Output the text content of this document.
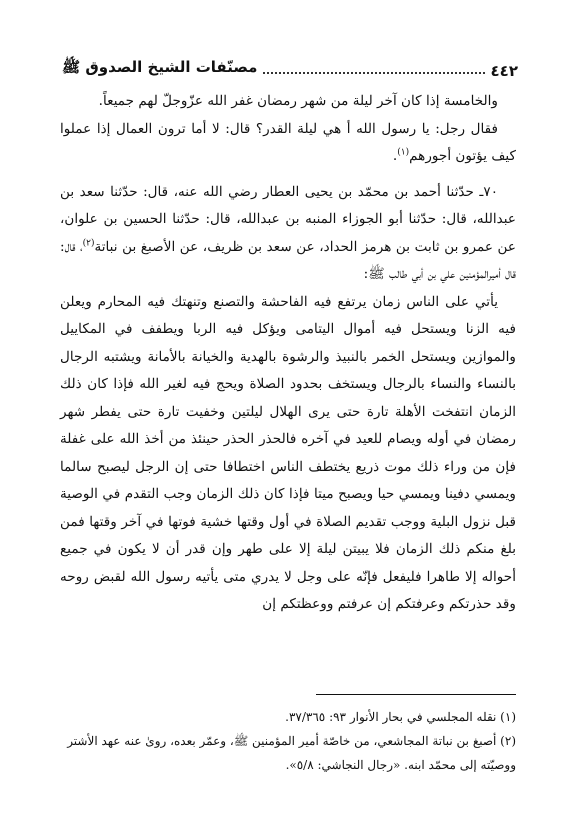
٤٤٢
مصنّفات الشيخ الصدوق ﷺ

والخامسة إذا كان آخر ليلة من شهر رمضان غفر الله عزّوجلّ لهم جميعاً.

فقال رجل: يا رسول الله أ هي ليلة القدر؟ قال: لا أما ترون العمال إذا عملوا كيف يؤتون أجورهم$^{(١)}$.

٧٠ـ حدّثنا أحمد بن محمّد بن يحيى العطار رضي الله عنه، قال: حدّثنا سعد بن عبدالله، قال: حدّثنا أبو الجوزاء المنبه بن عبدالله، قال: حدّثنا الحسين بن علوان، عن عمرو بن ثابت بن هرمز الحداد، عن سعد بن ظريف، عن الأصبغ بن نباتة$^{(٢)}$، قال: قال أميرالمؤمنين علي بن أبي طالب ﷺ:

يأتي على الناس زمان يرتفع فيه الفاحشة والتصنع وتنهتك فيه المحارم ويعلن فيه الزنا ويستحل فيه أموال اليتامى ويؤكل فيه الربا ويطفف في المكاييل والموازين ويستحل الخمر بالنبيذ والرشوة بالهدية والخيانة بالأمانة ويشتبه الرجال بالنساء والنساء بالرجال ويستخف بحدود الصلاة ويحج فيه لغير الله فإذا كان ذلك الزمان انتفخت الأهلة تارة حتى يرى الهلال ليلتين وخفيت تارة حتى يفطر شهر رمضان في أوله ويصام للعيد في آخره فالحذر الحذر حينئذ من أخذ الله على غفلة فإن من وراء ذلك موت ذريع يختطف الناس اختطافا حتى إن الرجل ليصبح سالما ويمسي دفينا ويمسي حيا ويصبح ميتا فإذا كان ذلك الزمان وجب التقدم في الوصية قبل نزول البلية ووجب تقديم الصلاة في أول وقتها خشية فوتها في آخر وقتها فمن بلغ منكم ذلك الزمان فلا يبيتن ليلة إلا على طهر وإن قدر أن لا يكون في جميع أحواله إلا طاهرا فليفعل فإنّه على وجل لا يدري متى يأتيه رسول الله لقبض روحه وقد حذرتكم وعرفتكم إن عرفتم ووعظتكم إن

(١) نقله المجلسي في بحار الأنوار ٩٣: ٣٧/٣٦٥.

(٢) أصبغ بن نباتة المجاشعي، من خاصّة أمير المؤمنين ﷺ، وعمّر بعده، روىٰ عنه عهد الأشتر ووصيّته إلى محمّد ابنه. «رجال النجاشي: ٥/٨».
